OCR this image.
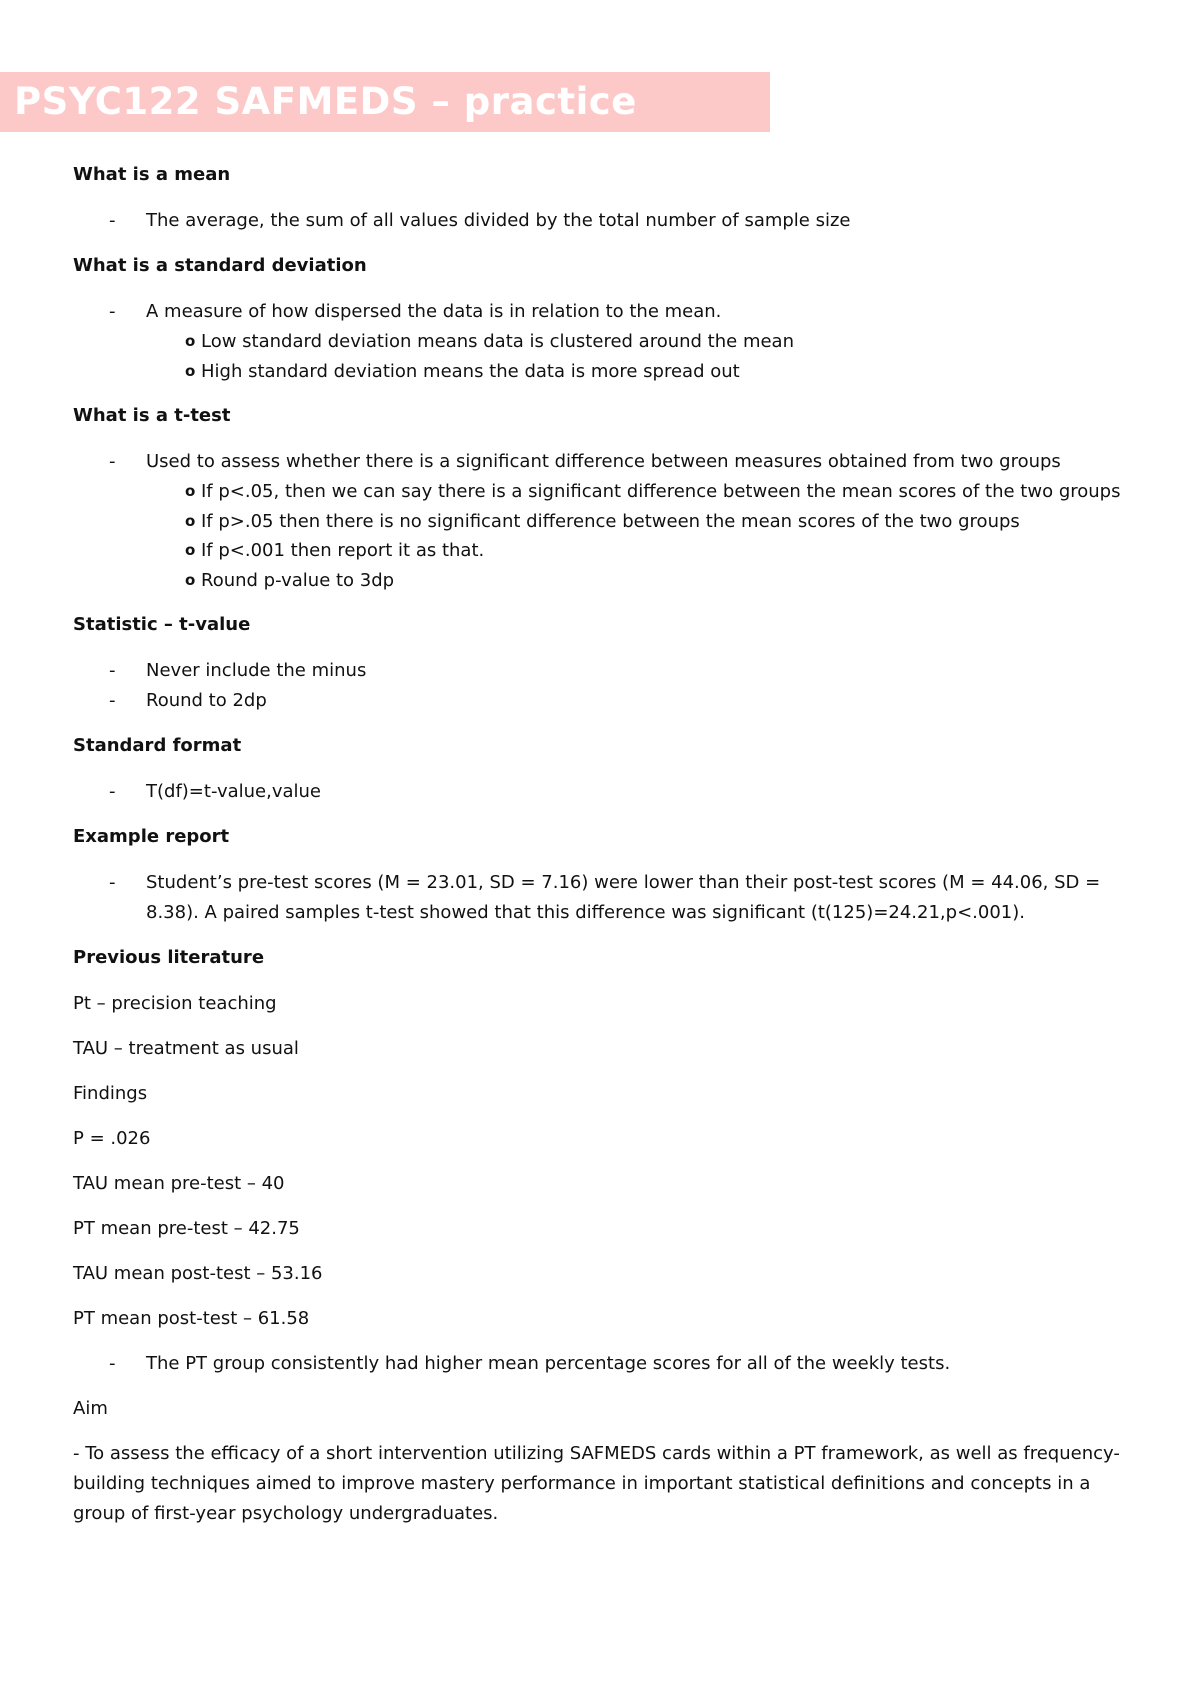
PSYC122 SAFMEDS – practice
What is a mean
- The average, the sum of all values divided by the total number of sample size
What is a standard deviation
- A measure of how dispersed the data is in relation to the mean.
o Low standard deviation means data is clustered around the mean
o High standard deviation means the data is more spread out
What is a t-test
- Used to assess whether there is a significant difference between measures obtained from two groups
o If p<.05, then we can say there is a significant difference between the mean scores of the two groups
o If p>.05 then there is no significant difference between the mean scores of the two groups
o If p<.001 then report it as that.
o Round p-value to 3dp
Statistic – t-value
- Never include the minus
- Round to 2dp
Standard format
- T(df)=t-value,value
Example report
- Student’s pre-test scores (M = 23.01, SD = 7.16) were lower than their post-test scores (M = 44.06, SD = 8.38). A paired samples t-test showed that this difference was significant (t(125)=24.21,p<.001).
Previous literature
Pt – precision teaching
TAU – treatment as usual
Findings
P = .026
TAU mean pre-test – 40
PT mean pre-test – 42.75
TAU mean post-test – 53.16
PT mean post-test – 61.58
- The PT group consistently had higher mean percentage scores for all of the weekly tests.
Aim
- To assess the efficacy of a short intervention utilizing SAFMEDS cards within a PT framework, as well as frequency-building techniques aimed to improve mastery performance in important statistical definitions and concepts in a group of first-year psychology undergraduates.
